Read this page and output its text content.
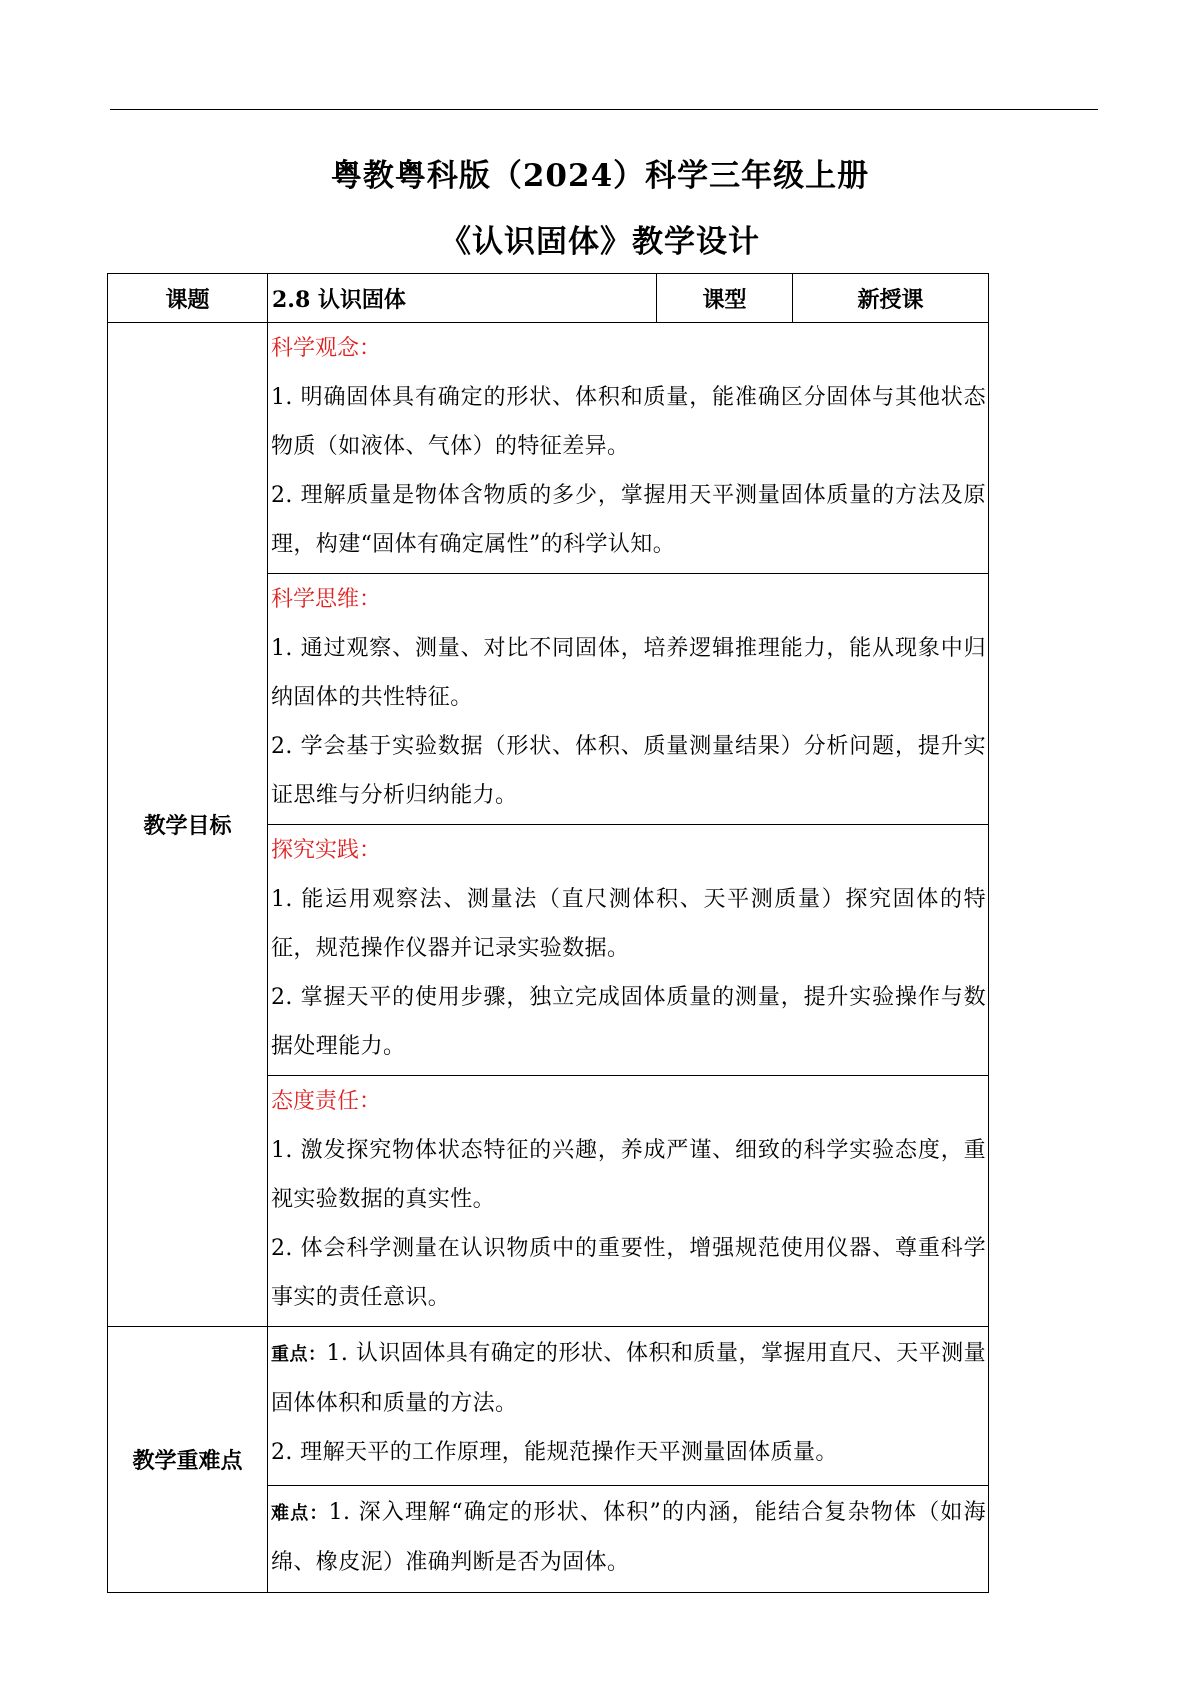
粤教粤科版（2024）科学三年级上册
《认识固体》教学设计
课题	2.8 认识固体	课型	新授课
教学目标	科学观念：
1. 明确固体具有确定的形状、体积和质量，能准确区分固体与其他状态物质（如液体、气体）的特征差异。
2. 理解质量是物体含物质的多少，掌握用天平测量固体质量的方法及原理，构建“固体有确定属性”的科学认知。		

	科学思维：
1. 通过观察、测量、对比不同固体，培养逻辑推理能力，能从现象中归纳固体的共性特征。
2. 学会基于实验数据（形状、体积、质量测量结果）分析问题，提升实证思维与分析归纳能力。		

	探究实践：
1. 能运用观察法、测量法（直尺测体积、天平测质量）探究固体的特征，规范操作仪器并记录实验数据。
2. 掌握天平的使用步骤，独立完成固体质量的测量，提升实验操作与数据处理能力。		

	态度责任：
1. 激发探究物体状态特征的兴趣，养成严谨、细致的科学实验态度，重视实验数据的真实性。
2. 体会科学测量在认识物质中的重要性，增强规范使用仪器、尊重科学事实的责任意识。		

教学重难点	重点：1. 认识固体具有确定的形状、体积和质量，掌握用直尺、天平测量固体体积和质量的方法。
2. 理解天平的工作原理，能规范操作天平测量固体质量。		

	难点：1. 深入理解“确定的形状、体积”的内涵，能结合复杂物体（如海绵、橡皮泥）准确判断是否为固体。		
